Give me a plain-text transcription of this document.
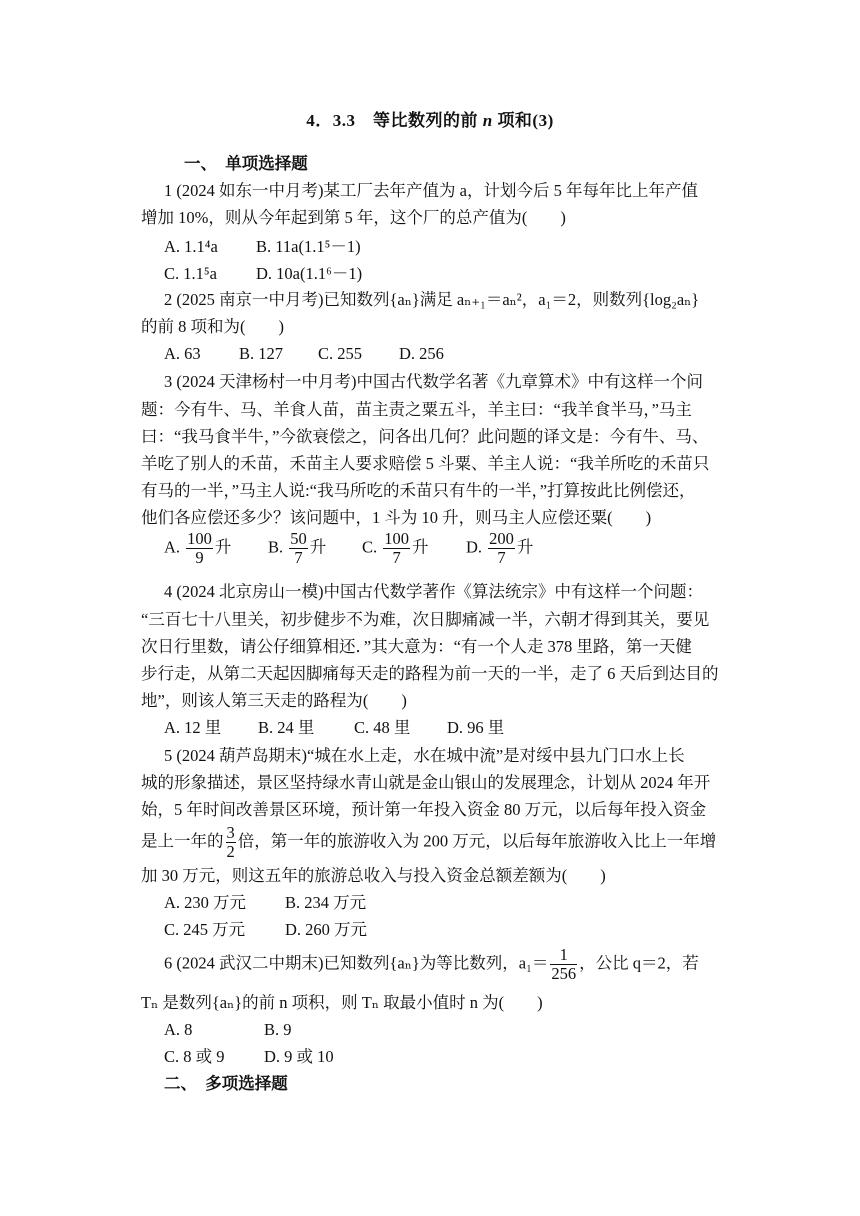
4．3.3　等比数列的前 n 项和(3)
一、　单项选择题
1 (2024 如东一中月考)某工厂去年产值为 a，计划今后 5 年每年比上年产值
增加 10%，则从今年起到第 5 年，这个厂的总产值为(　　)
A. 1.1⁴a B. 11a(1.1⁵－1)
C. 1.1⁵a D. 10a(1.1⁶－1)
2 (2025 南京一中月考)已知数列{aₙ}满足 aₙ₊₁＝aₙ²，a₁＝2，则数列{log₂aₙ}
的前 8 项和为(　　)
A. 63 B. 127 C. 255 D. 256
3 (2024 天津杨村一中月考)中国古代数学名著《九章算术》中有这样一个问
题：今有牛、马、羊食人苗，苗主责之粟五斗，羊主曰：“我羊食半马，”马主
曰：“我马食半牛，”今欲衰偿之，问各出几何？此问题的译文是：今有牛、马、
羊吃了别人的禾苗，禾苗主人要求赔偿 5 斗粟、羊主人说：“我羊所吃的禾苗只
有马的一半，”马主人说:“我马所吃的禾苗只有牛的一半，”打算按此比例偿还，
他们各应偿还多少？该问题中，1 斗为 10 升，则马主人应偿还粟(　　)
A. $\frac{100}{9}$ 升 B. $\frac{50}{7}$ 升 C. $\frac{100}{7}$ 升 D. $\frac{200}{7}$ 升
4 (2024 北京房山一模)中国古代数学著作《算法统宗》中有这样一个问题：
“三百七十八里关，初步健步不为难，次日脚痛减一半，六朝才得到其关，要见
次日行里数，请公仔细算相还．”其大意为：“有一个人走 378 里路，第一天健
步行走，从第二天起因脚痛每天走的路程为前一天的一半，走了 6 天后到达目的
地”，则该人第三天走的路程为(　　)
A. 12 里 B. 24 里 C. 48 里 D. 96 里
5 (2024 葫芦岛期末)“城在水上走，水在城中流”是对绥中县九门口水上长
城的形象描述，景区坚持绿水青山就是金山银山的发展理念，计划从 2024 年开
始，5 年时间改善景区环境，预计第一年投入资金 80 万元，以后每年投入资金
是上一年的 $\frac{3}{2}$ 倍，第一年的旅游收入为 200 万元，以后每年旅游收入比上一年增
加 30 万元，则这五年的旅游总收入与投入资金总额差额为(　　)
A. 230 万元 B. 234 万元
C. 245 万元 D. 260 万元
6 (2024 武汉二中期末)已知数列{aₙ}为等比数列，$a_1= \frac{1}{256}$ ，公比 q＝2，若
Tₙ 是数列{aₙ}的前 n 项积，则 Tₙ 取最小值时 n 为(　　)
A. 8	B. 9
C. 8 或 9 D. 9 或 10
二、　多项选择题
